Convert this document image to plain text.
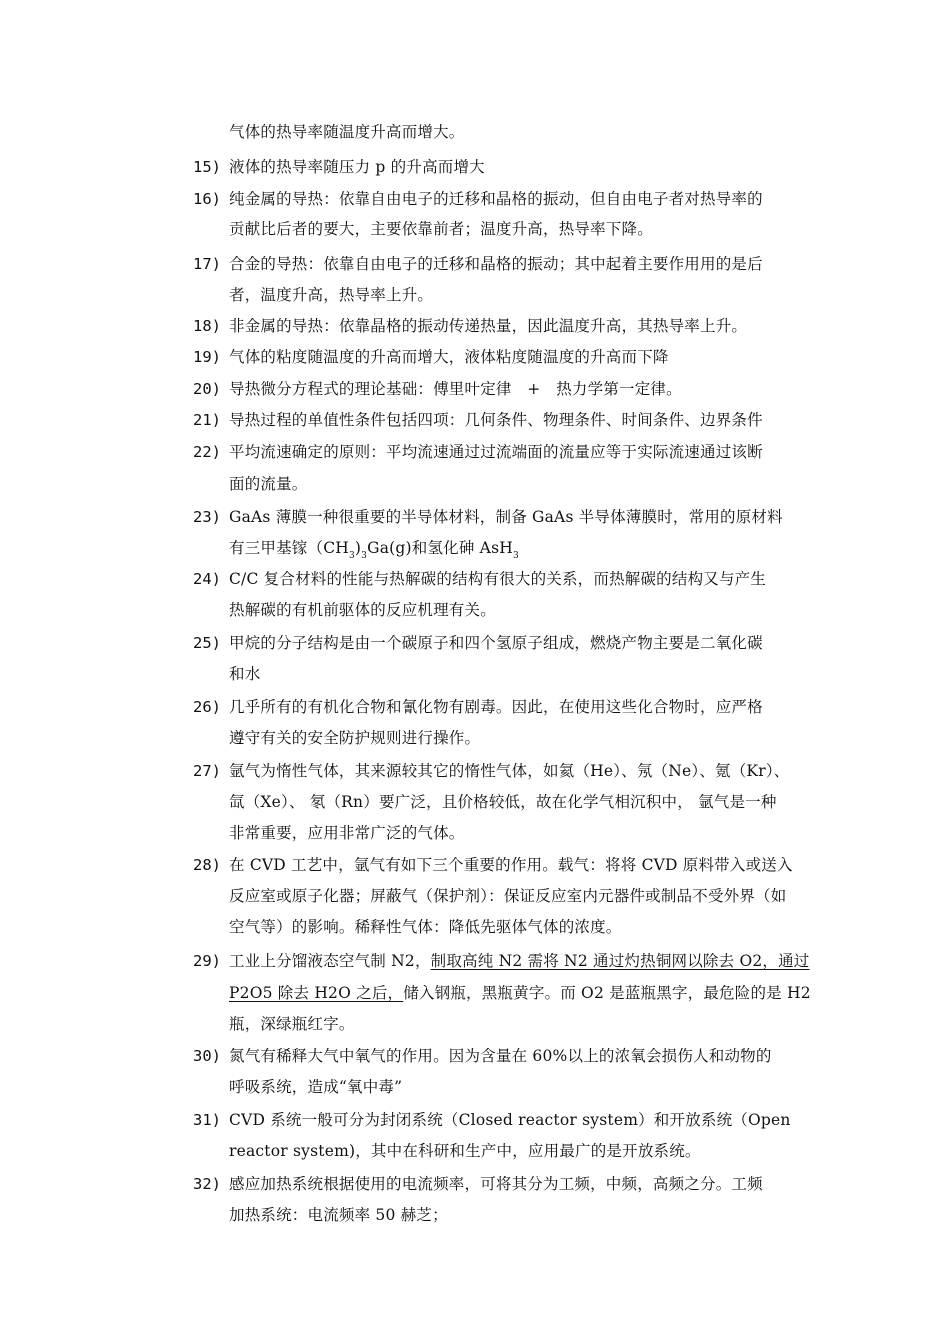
气体的热导率随温度升高而增大。
15) 液体的热导率随压力 p 的升高而增大
16) 纯金属的导热：依靠自由电子的迁移和晶格的振动，但自由电子者对热导率的
贡献比后者的要大，主要依靠前者；温度升高，热导率下降。
17) 合金的导热：依靠自由电子的迁移和晶格的振动；其中起着主要作用用的是后
者，温度升高，热导率上升。
18) 非金属的导热：依靠晶格的振动传递热量，因此温度升高，其热导率上升。
19) 气体的粘度随温度的升高而增大，液体粘度随温度的升高而下降
20) 导热微分方程式的理论基础：傅里叶定律　+　热力学第一定律。
21) 导热过程的单值性条件包括四项：几何条件、物理条件、时间条件、边界条件
22) 平均流速确定的原则：平均流速通过过流端面的流量应等于实际流速通过该断
面的流量。
23) GaAs 薄膜一种很重要的半导体材料，制备 GaAs 半导体薄膜时，常用的原材料
有三甲基镓$(CH_3)_3Ga(g)$和氢化砷 AsH$_3$
24) C/C 复合材料的性能与热解碳的结构有很大的关系，而热解碳的结构又与产生
热解碳的有机前驱体的反应机理有关。
25) 甲烷的分子结构是由一个碳原子和四个氢原子组成，燃烧产物主要是二氧化碳
和水
26) 几乎所有的有机化合物和氰化物有剧毒。因此，在使用这些化合物时，应严格
遵守有关的安全防护规则进行操作。
27) 氩气为惰性气体，其来源较其它的惰性气体，如氦（He）、氖（Ne）、氪（Kr）、
氙（Xe）、 氡（Rn）要广泛，且价格较低，故在化学气相沉积中， 氩气是一种
非常重要，应用非常广泛的气体。
28) 在 CVD 工艺中，氩气有如下三个重要的作用。载气：将将 CVD 原料带入或送入
反应室或原子化器；屏蔽气（保护剂）：保证反应室内元器件或制品不受外界（如
空气等）的影响。稀释性气体：降低先驱体气体的浓度。
29) 工业上分馏液态空气制 N2，制取高纯 N2 需将 N2 通过灼热铜网以除去 O2，通过
P2O5 除去 H2O 之后，储入钢瓶，黑瓶黄字。而 O2 是蓝瓶黑字，最危险的是 H2
瓶，深绿瓶红字。
30) 氮气有稀释大气中氧气的作用。因为含量在 60%以上的浓氧会损伤人和动物的
呼吸系统，造成“氧中毒”
31) CVD 系统一般可分为封闭系统（Closed reactor system）和开放系统（Open
reactor system)，其中在科研和生产中，应用最广的是开放系统。
32) 感应加热系统根据使用的电流频率，可将其分为工频，中频，高频之分。工频
加热系统：电流频率 50 赫芝；
